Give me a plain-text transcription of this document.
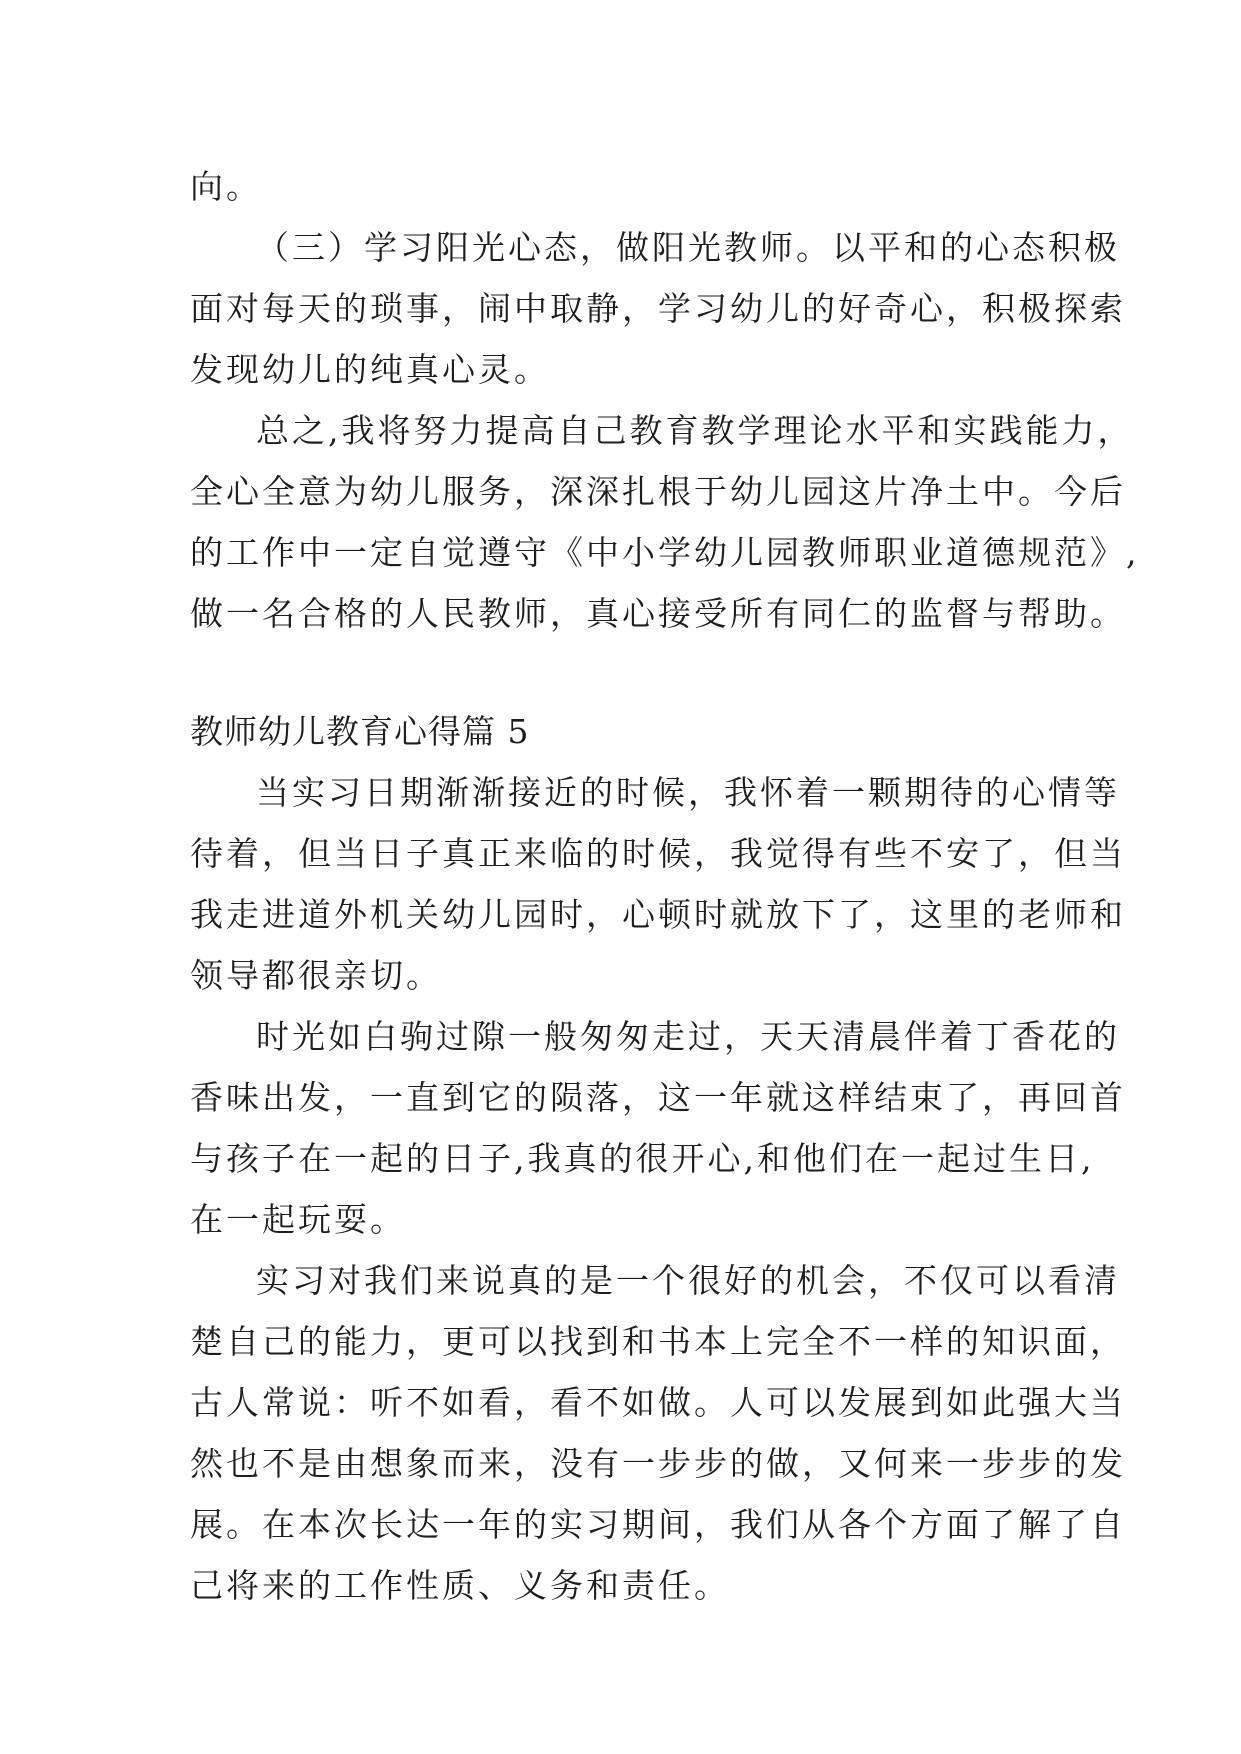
向。
（三）学习阳光心态，做阳光教师。以平和的心态积极
面对每天的琐事，闹中取静，学习幼儿的好奇心，积极探索
发现幼儿的纯真心灵。
总之,我将努力提高自己教育教学理论水平和实践能力，
全心全意为幼儿服务，深深扎根于幼儿园这片净土中。今后
的工作中一定自觉遵守《中小学幼儿园教师职业道德规范》,
做一名合格的人民教师，真心接受所有同仁的监督与帮助。
教师幼儿教育心得篇 5
当实习日期渐渐接近的时候，我怀着一颗期待的心情等
待着，但当日子真正来临的时候，我觉得有些不安了，但当
我走进道外机关幼儿园时，心顿时就放下了，这里的老师和
领导都很亲切。
时光如白驹过隙一般匆匆走过，天天清晨伴着丁香花的
香味出发，一直到它的陨落，这一年就这样结束了，再回首
与孩子在一起的日子,我真的很开心,和他们在一起过生日,
在一起玩耍。
实习对我们来说真的是一个很好的机会，不仅可以看清
楚自己的能力，更可以找到和书本上完全不一样的知识面，
古人常说：听不如看，看不如做。人可以发展到如此强大当
然也不是由想象而来，没有一步步的做，又何来一步步的发
展。在本次长达一年的实习期间，我们从各个方面了解了自
己将来的工作性质、义务和责任。
